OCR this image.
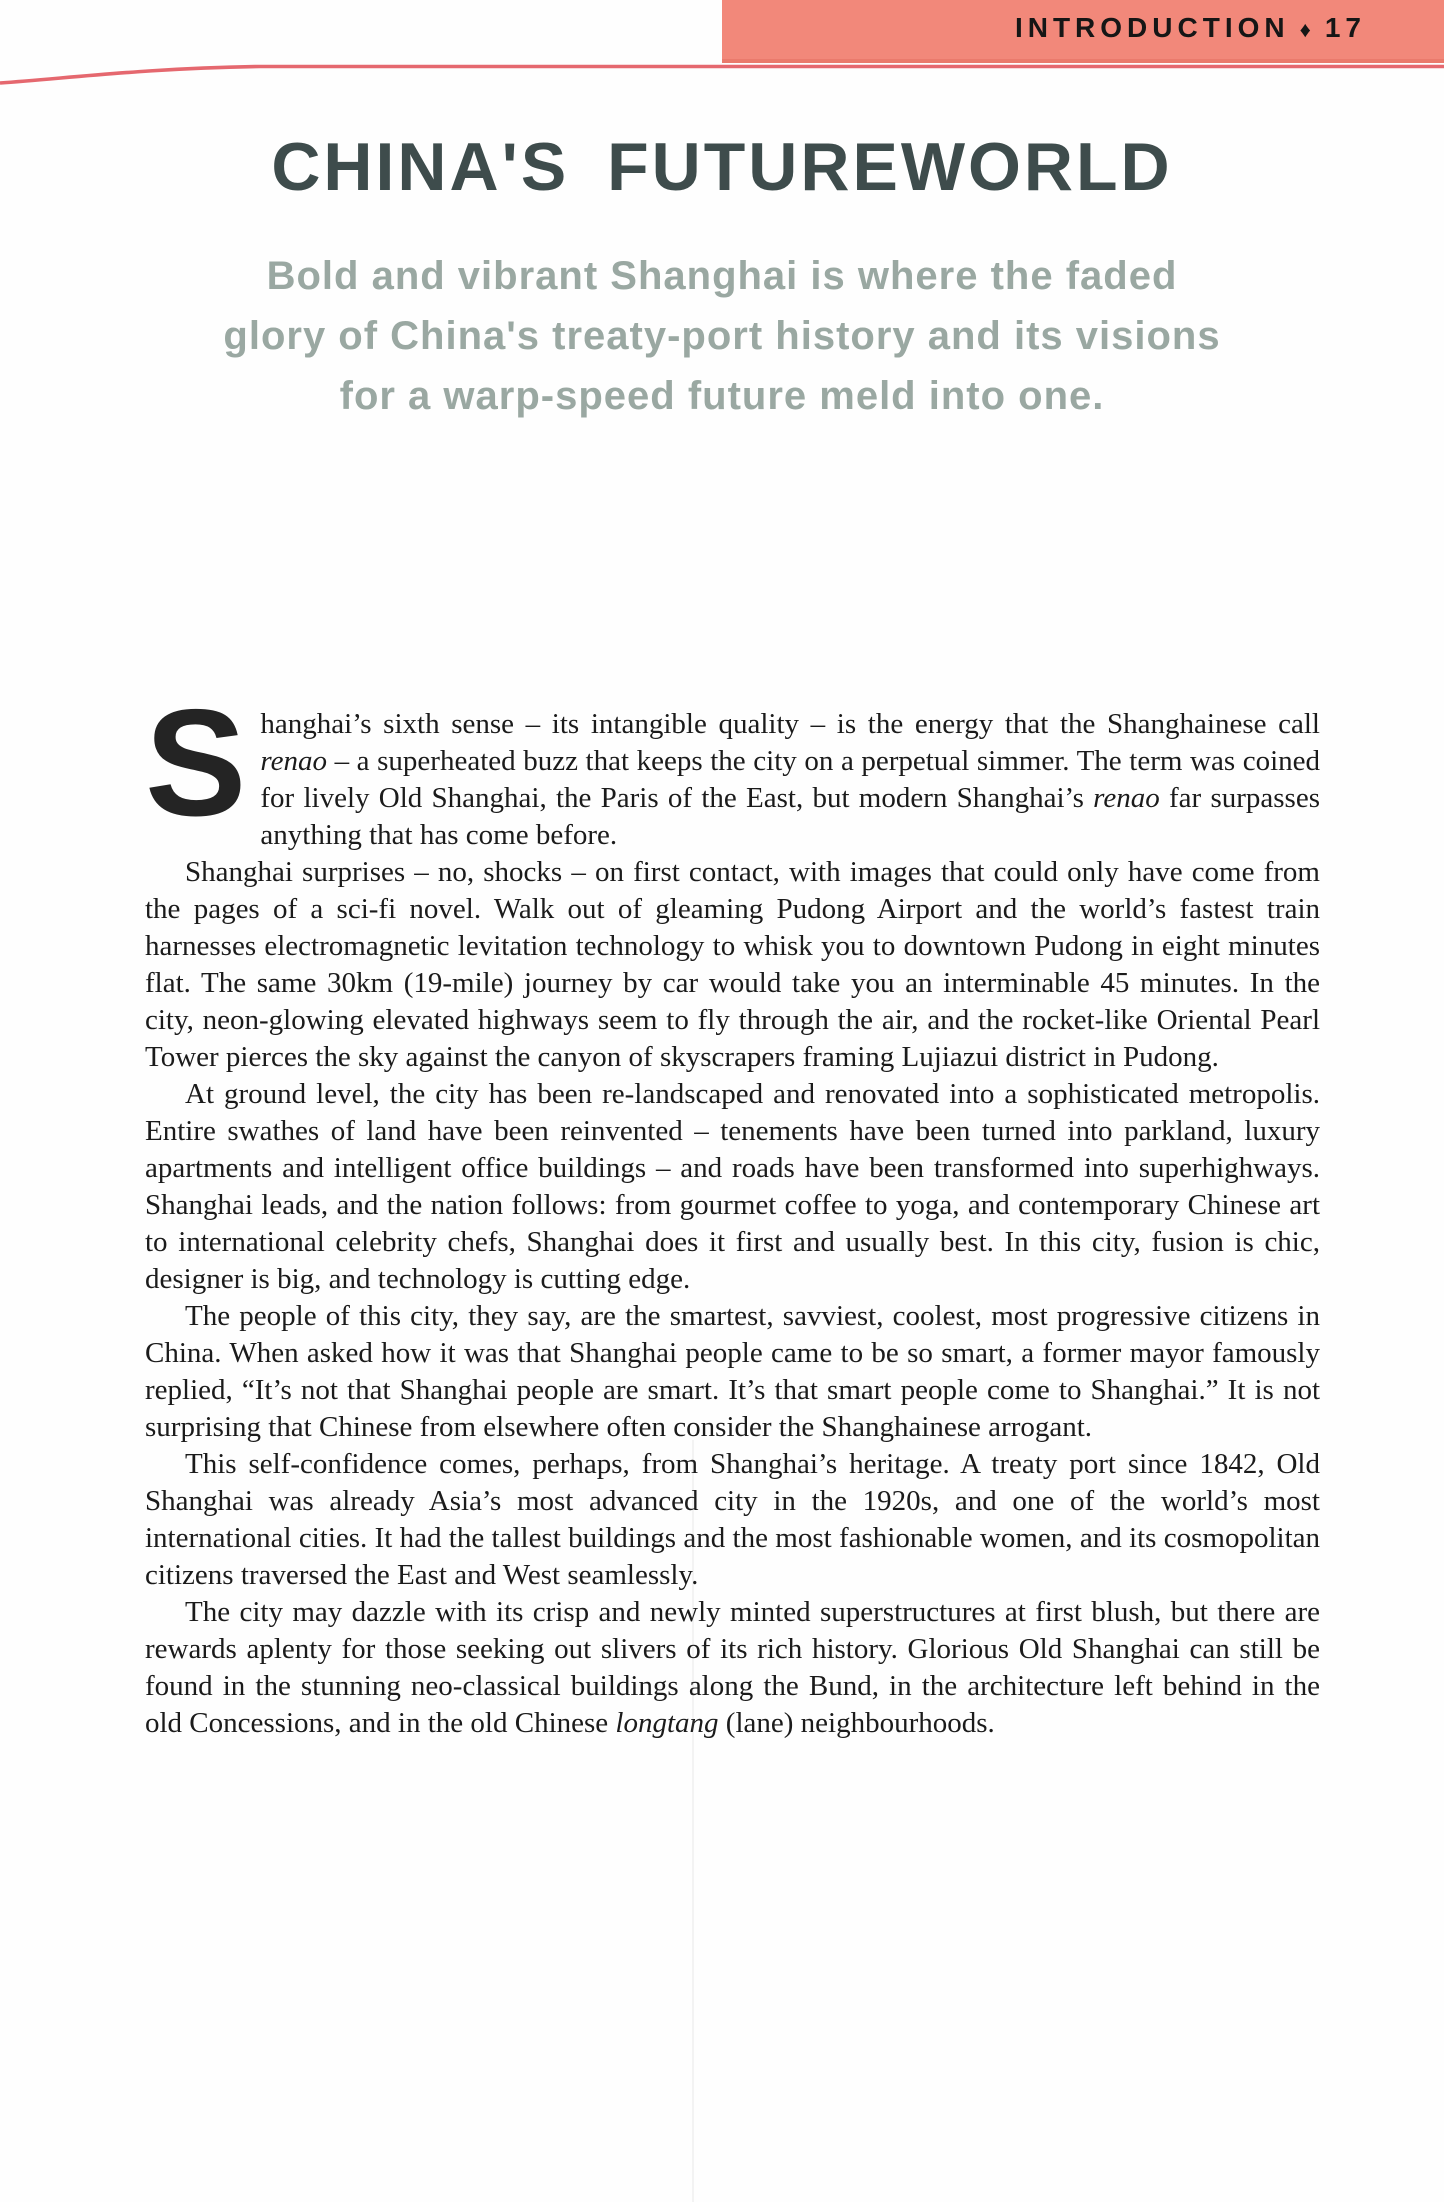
INTRODUCTION ♦ 17
CHINA'S FUTUREWORLD
Bold and vibrant Shanghai is where the faded
glory of China's treaty-port history and its visions
for a warp-speed future meld into one.

Shanghai’s sixth sense – its intangible quality – is the energy that the Shanghainese call renao – a superheated buzz that keeps the city on a perpetual simmer. The term was coined for lively Old Shanghai, the Paris of the East, but modern Shanghai’s renao far surpasses anything that has come before.

Shanghai surprises – no, shocks – on first contact, with images that could only have come from the pages of a sci-fi novel. Walk out of gleaming Pudong Airport and the world’s fastest train harnesses electromagnetic levitation technology to whisk you to downtown Pudong in eight minutes flat. The same 30km (19-mile) journey by car would take you an interminable 45 minutes. In the city, neon-glowing elevated highways seem to fly through the air, and the rocket-like Oriental Pearl Tower pierces the sky against the canyon of skyscrapers framing Lujiazui district in Pudong.

At ground level, the city has been re-landscaped and renovated into a sophisticated metropolis. Entire swathes of land have been reinvented – tenements have been turned into parkland, luxury apartments and intelligent office buildings – and roads have been transformed into superhighways. Shanghai leads, and the nation follows: from gourmet coffee to yoga, and contemporary Chinese art to international celebrity chefs, Shanghai does it first and usually best. In this city, fusion is chic, designer is big, and technology is cutting edge.

The people of this city, they say, are the smartest, savviest, coolest, most progressive citizens in China. When asked how it was that Shanghai people came to be so smart, a former mayor famously replied, “It’s not that Shanghai people are smart. It’s that smart people come to Shanghai.” It is not surprising that Chinese from elsewhere often consider the Shanghainese arrogant.

This self-confidence comes, perhaps, from Shanghai’s heritage. A treaty port since 1842, Old Shanghai was already Asia’s most advanced city in the 1920s, and one of the world’s most international cities. It had the tallest buildings and the most fashionable women, and its cosmopolitan citizens traversed the East and West seamlessly.

The city may dazzle with its crisp and newly minted superstructures at first blush, but there are rewards aplenty for those seeking out slivers of its rich history. Glorious Old Shanghai can still be found in the stunning neo-classical buildings along the Bund, in the architecture left behind in the old Concessions, and in the old Chinese longtang (lane) neighbourhoods.
